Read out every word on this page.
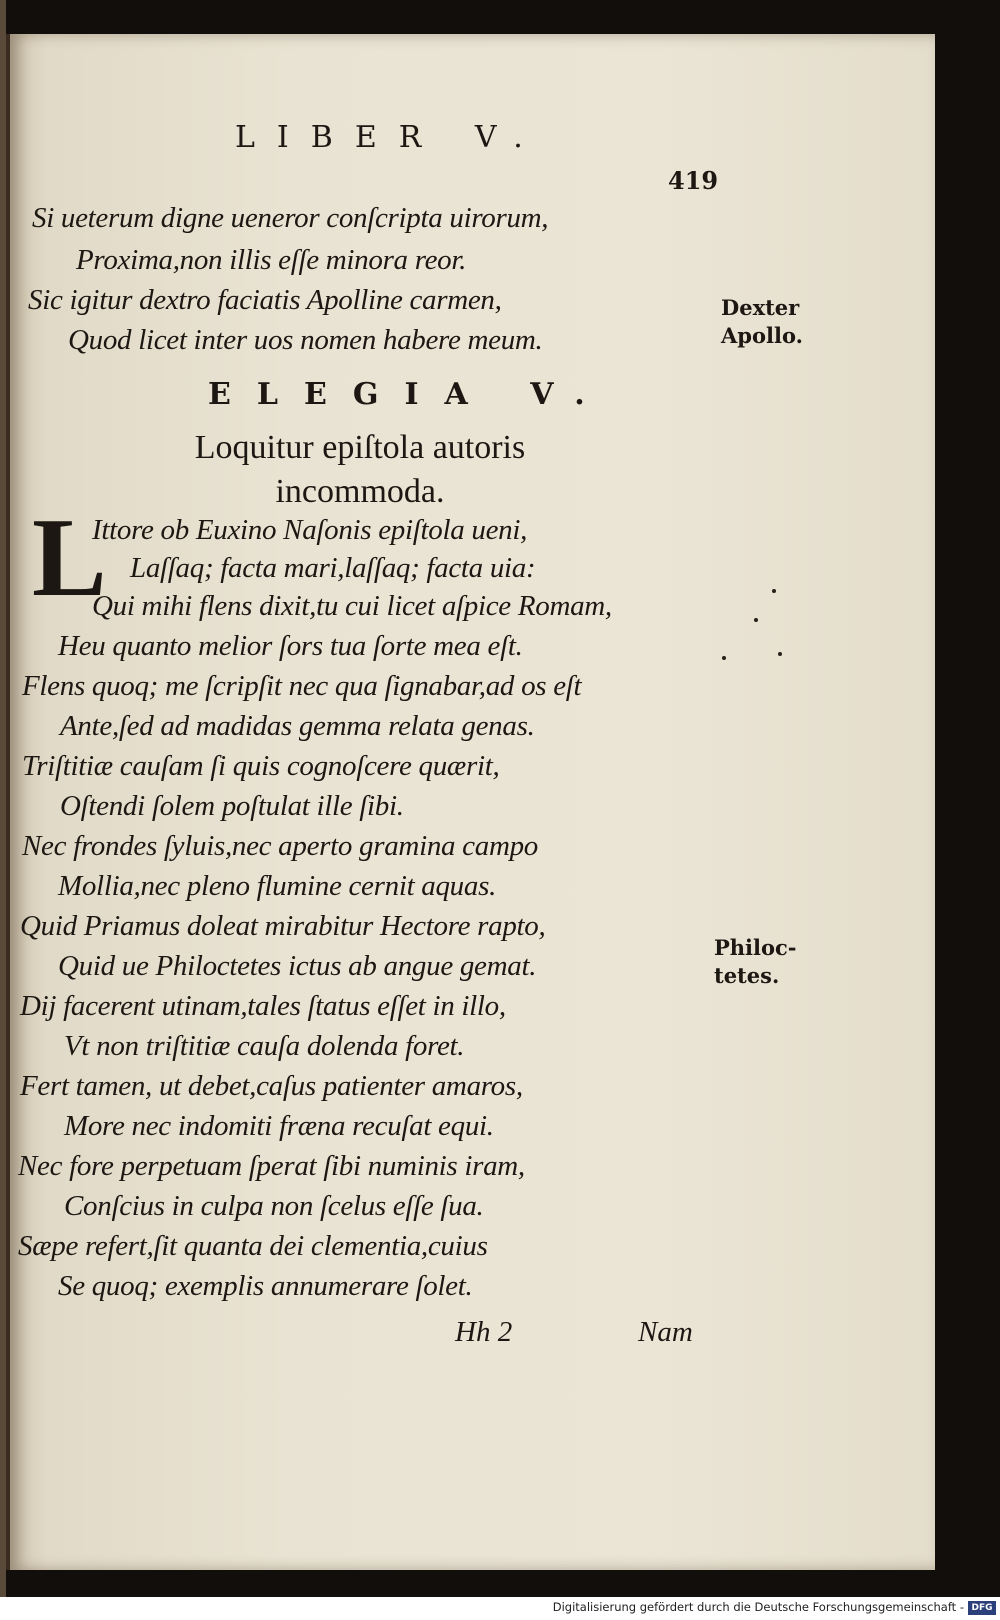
LIBER V.
419
Si ueterum digne ueneror conſcripta uirorum,
Proxima,non illis eſſe minora reor.
Sic igitur dextro faciatis Apolline carmen,
Quod licet inter uos nomen habere meum.
ELEGIA V.
Loquitur epiſtola autoris
incommoda.
L
Ittore ob Euxino Naſonis epiſtola ueni,
Laſſaq; facta mari,laſſaq; facta uia:
Qui mihi flens dixit,tu cui licet aſpice Romam,
Heu quanto melior ſors tua ſorte mea eſt.
Flens quoq; me ſcripſit nec qua ſignabar,ad os eſt
Ante,ſed ad madidas gemma relata genas.
Triſtitiæ cauſam ſi quis cognoſcere quærit,
Oſtendi ſolem poſtulat ille ſibi.
Nec frondes ſyluis,nec aperto gramina campo
Mollia,nec pleno flumine cernit aquas.
Quid Priamus doleat mirabitur Hectore rapto,
Quid ue Philoctetes ictus ab angue gemat.
Dij facerent utinam,tales ſtatus eſſet in illo,
Vt non triſtitiæ cauſa dolenda foret.
Fert tamen, ut debet,caſus patienter amaros,
More nec indomiti fræna recuſat equi.
Nec fore perpetuam ſperat ſibi numinis iram,
Conſcius in culpa non ſcelus eſſe ſua.
Sæpe refert,ſit quanta dei clementia,cuius
Se quoq; exemplis annumerare ſolet.
Dexter
Apollo.
Philoc-
tetes.
Hh 2	Nam
Digitalisierung gefördert durch die Deutsche Forschungsgemeinschaft - DFG
